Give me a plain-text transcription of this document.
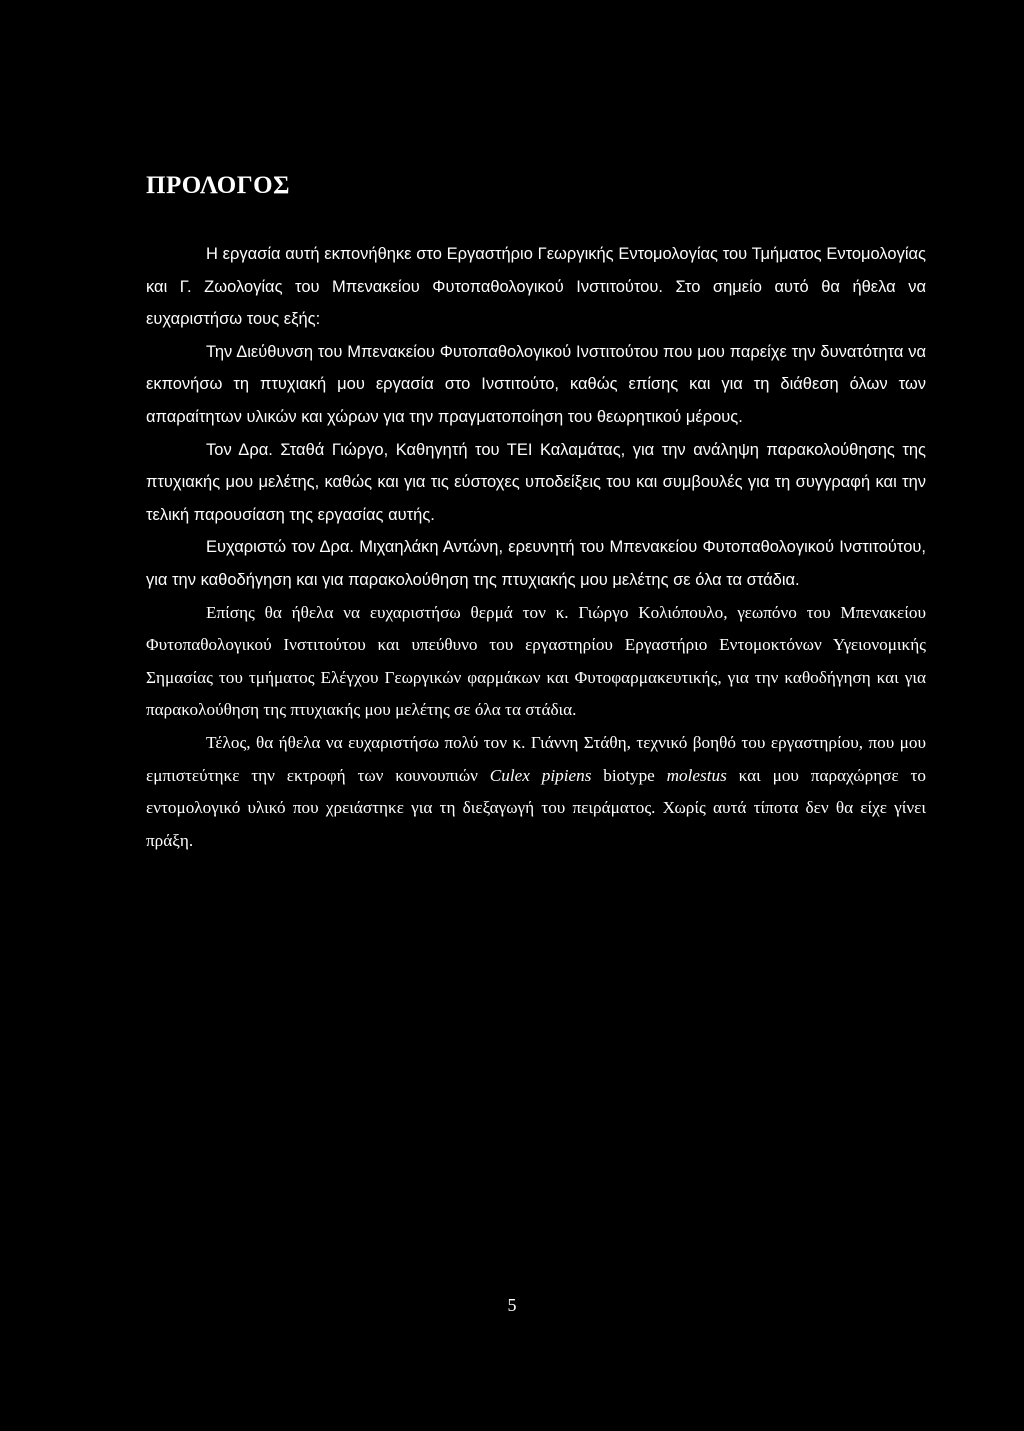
ΠΡΟΛΟΓΟΣ

Η εργασία αυτή εκπονήθηκε στο Εργαστήριο Γεωργικής Εντομολογίας του Τμήματος Εντομολογίας και Γ. Ζωολογίας του Μπενακείου Φυτοπαθολογικού Ινστιτούτου. Στο σημείο αυτό θα ήθελα να ευχαριστήσω τους εξής:

Την Διεύθυνση του Μπενακείου Φυτοπαθολογικού Ινστιτούτου που μου παρείχε την δυνατότητα να εκπονήσω τη πτυχιακή μου εργασία στο Ινστιτούτο, καθώς επίσης και για τη διάθεση όλων των απαραίτητων υλικών και χώρων για την πραγματοποίηση του θεωρητικού μέρους.

Τον Δρα. Σταθά Γιώργο, Καθηγητή του ΤΕΙ Καλαμάτας, για την ανάληψη παρακολούθησης της πτυχιακής μου μελέτης, καθώς και για τις εύστοχες υποδείξεις του και συμβουλές για τη συγγραφή και την τελική παρουσίαση της εργασίας αυτής.

Ευχαριστώ τον Δρα. Μιχαηλάκη Αντώνη, ερευνητή του Μπενακείου Φυτοπαθολογικού Ινστιτούτου, για την καθοδήγηση και για παρακολούθηση της πτυχιακής μου μελέτης σε όλα τα στάδια.

Επίσης θα ήθελα να ευχαριστήσω θερμά τον κ. Γιώργο Κολιόπουλο, γεωπόνο του Μπενακείου Φυτοπαθολογικού Ινστιτούτου και υπεύθυνο του εργαστηρίου Εργαστήριο Εντομοκτόνων Υγειονομικής Σημασίας του τμήματος Ελέγχου Γεωργικών φαρμάκων και Φυτοφαρμακευτικής, για την καθοδήγηση και για παρακολούθηση της πτυχιακής μου μελέτης σε όλα τα στάδια.

Τέλος, θα ήθελα να ευχαριστήσω πολύ τον κ. Γιάννη Στάθη, τεχνικό βοηθό του εργαστηρίου, που μου εμπιστεύτηκε την εκτροφή των κουνουπιών Culex pipiens biotype molestus και μου παραχώρησε το εντομολογικό υλικό που χρειάστηκε για τη διεξαγωγή του πειράματος. Χωρίς αυτά τίποτα δεν θα είχε γίνει πράξη.

5
